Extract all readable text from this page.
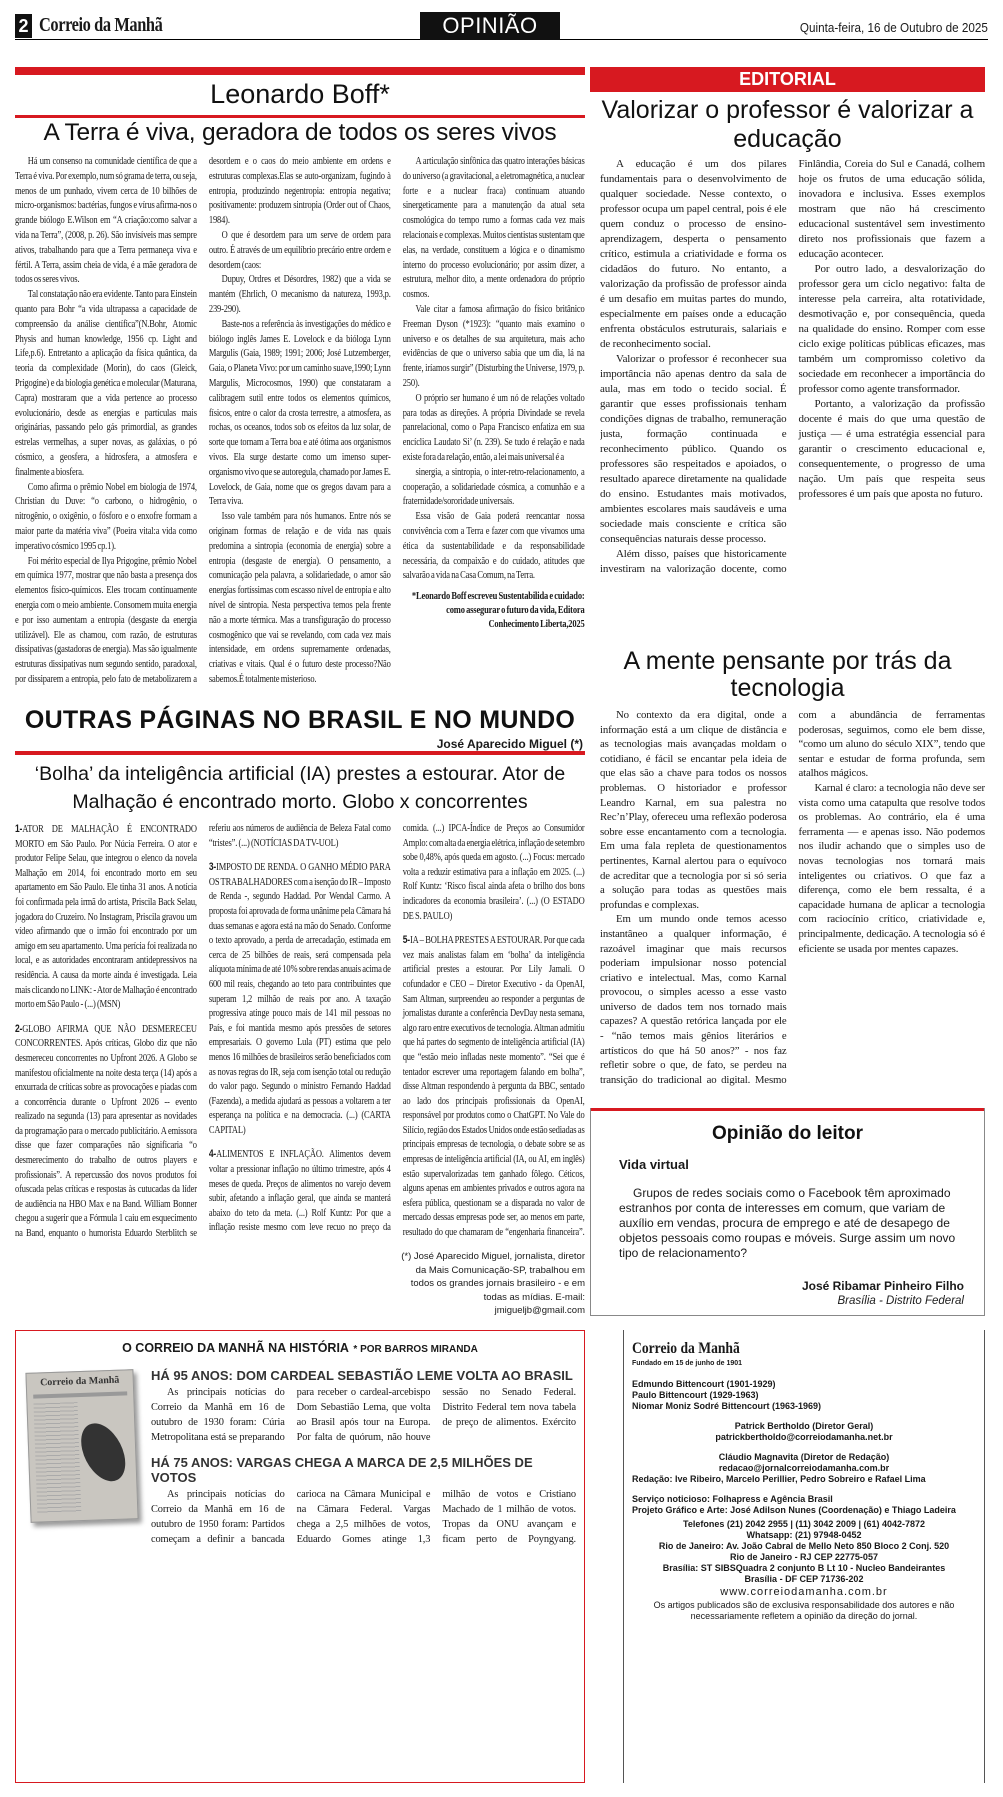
2 Correio da Manhã	OPINIÃO	Quinta-feira, 16 de Outubro de 2025
Leonardo Boff*
A Terra é viva, geradora de todos os seres vivos

Há um consenso na comunidade científica de que a Terra é viva. Por exemplo, num só grama de terra, ou seja, menos de um punhado, vivem cerca de 10 bilhões de micro-organismos: bactérias, fungos e vírus afirma-nos o grande biólogo E.Wilson em “A criação:como salvar a vida na Terra”, (2008, p. 26). São invisíveis mas sempre ativos, trabalhando para que a Terra permaneça viva e fértil. A Terra, assim cheia de vida, é a mãe geradora de todos os seres vivos.

Tal constatação não era evidente. Tanto para Einstein quanto para Bohr “a vida ultrapassa a capacidade de compreensão da análise científica”(N.Bohr, Atomic Physis and human knowledge, 1956 cp. Light and Life,p.6). Entretanto a aplicação da física quântica, da teoria da complexidade (Morin), do caos (Gleick, Prigogine) e da biologia genética e molecular (Maturana, Capra) mostraram que a vida pertence ao processo evolucionário, desde as energias e partículas mais originárias, passando pelo gás primordial, as grandes estrelas vermelhas, a super novas, as galáxias, o pó cósmico, a geosfera, a hidrosfera, a atmosfera e finalmente a biosfera.

Como afirma o prêmio Nobel em biologia de 1974, Christian du Duve: “o carbono, o hidrogênio, o nitrogênio, o oxigênio, o fósforo e o enxofre formam a maior parte da matéria viva” (Poeira vital:a vida como imperativo cósmico 1995 cp.1).

Foi mérito especial de Ilya Prigogine, prêmio Nobel em química 1977, mostrar que não basta a presença dos elementos físico-químicos. Eles trocam continuamente energia com o meio ambiente. Consomem muita energia e por isso aumentam a entropia (desgaste da energia utilizável). Ele as chamou, com razão, de estruturas dissipativas (gastadoras de energia). Mas são igualmente estruturas dissipativas num segundo sentido, paradoxal, por dissiparem a entropia, pelo fato de metabolizarem a desordem e o caos do meio ambiente em ordens e estruturas complexas.Elas se auto-organizam, fugindo à entropia, produzindo negentropia: entropia negativa; positivamente: produzem sintropia (Order out of Chaos, 1984).

O que é desordem para um serve de ordem para outro. É através de um equilíbrio precário entre ordem e desordem (caos:

Dupuy, Ordres et Désordres, 1982) que a vida se mantém (Ehrlich, O mecanismo da natureza, 1993,p. 239-290).

Baste-nos a referência às investigações do médico e biólogo inglês James E. Lovelock e da bióloga Lynn Margulis (Gaia, 1989; 1991; 2006; José Lutzemberger, Gaia, o Planeta Vivo: por um caminho suave,1990; Lynn Margulis, Microcosmos, 1990) que constataram a calibragem sutil entre todos os elementos químicos, físicos, entre o calor da crosta terrestre, a atmosfera, as rochas, os oceanos, todos sob os efeitos da luz solar, de sorte que tornam a Terra boa e até ótima aos organismos vivos. Ela surge destarte como um imenso super-organismo vivo que se autoregula, chamado por James E. Lovelock, de Gaia, nome que os gregos davam para a Terra viva.

Isso vale também para nós humanos. Entre nós se originam formas de relação e de vida nas quais predomina a sintropia (economia de energia) sobre a entropia (desgaste de energia). O pensamento, a comunicação pela palavra, a solidariedade, o amor são energias fortíssimas com escasso nível de entropia e alto nível de sintropia. Nesta perspectiva temos pela frente não a morte térmica. Mas a transfiguração do processo cosmogênico que vai se revelando, com cada vez mais intensidade, em ordens supremamente ordenadas, criativas e vitais. Qual é o futuro deste processo?Não sabemos.É totalmente misterioso.

A articulação sinfônica das quatro interações básicas do universo (a gravitacional, a eletromagnética, a nuclear forte e a nuclear fraca) continuam atuando sinergeticamente para a manutenção da atual seta cosmológica do tempo rumo a formas cada vez mais relacionais e complexas. Muitos cientistas sustentam que elas, na verdade, constituem a lógica e o dinamismo interno do processo evolucionário; por assim dizer, a estrutura, melhor dito, a mente ordenadora do próprio cosmos.

Vale citar a famosa afirmação do físico britânico Freeman Dyson (*1923): “quanto mais examino o universo e os detalhes de sua arquitetura, mais acho evidências de que o universo sabia que um dia, lá na frente, iríamos surgir” (Disturbing the Universe, 1979, p. 250).

O próprio ser humano é um nó de relações voltado para todas as direções. A própria Divindade se revela panrelacional, como o Papa Francisco enfatiza em sua encíclica Laudato Si’ (n. 239). Se tudo é relação e nada existe fora da relação, então, a lei mais universal é a

sinergia, a sintropia, o inter-retro-relacionamento, a cooperação, a solidariedade cósmica, a comunhão e a fraternidade/sororidade universais.

Essa visão de Gaia poderá reencantar nossa convivência com a Terra e fazer com que vivamos uma ética da sustentabilidade e da responsabilidade necessária, da compaixão e do cuidado, atitudes que salvarão a vida na Casa Comum, na Terra.

*Leonardo Boff escreveu Sustentabilida e cuidado: como assegurar o futuro da vida, Editora Conhecimento Liberta,2025

EDITORIAL
Valorizar o professor é valorizar a educação

A educação é um dos pilares fundamentais para o desenvolvimento de qualquer sociedade. Nesse contexto, o professor ocupa um papel central, pois é ele quem conduz o processo de ensino-aprendizagem, desperta o pensamento crítico, estimula a criatividade e forma os cidadãos do futuro. No entanto, a valorização da profissão de professor ainda é um desafio em muitas partes do mundo, especialmente em países onde a educação enfrenta obstáculos estruturais, salariais e de reconhecimento social.

Valorizar o professor é reconhecer sua importância não apenas dentro da sala de aula, mas em todo o tecido social. É garantir que esses profissionais tenham condições dignas de trabalho, remuneração justa, formação continuada e reconhecimento público. Quando os professores são respeitados e apoiados, o resultado aparece diretamente na qualidade do ensino. Estudantes mais motivados, ambientes escolares mais saudáveis e uma sociedade mais consciente e crítica são consequências naturais desse processo.

Além disso, países que historicamente investiram na valorização docente, como Finlândia, Coreia do Sul e Canadá, colhem hoje os frutos de uma educação sólida, inovadora e inclusiva. Esses exemplos mostram que não há crescimento educacional sustentável sem investimento direto nos profissionais que fazem a educação acontecer.

Por outro lado, a desvalorização do professor gera um ciclo negativo: falta de interesse pela carreira, alta rotatividade, desmotivação e, por consequência, queda na qualidade do ensino. Romper com esse ciclo exige políticas públicas eficazes, mas também um compromisso coletivo da sociedade em reconhecer a importância do professor como agente transformador.

Portanto, a valorização da profissão docente é mais do que uma questão de justiça — é uma estratégia essencial para garantir o crescimento educacional e, consequentemente, o progresso de uma nação. Um país que respeita seus professores é um país que aposta no futuro.

A mente pensante por trás da tecnologia

No contexto da era digital, onde a informação está a um clique de distância e as tecnologias mais avançadas moldam o cotidiano, é fácil se encantar pela ideia de que elas são a chave para todos os nossos problemas. O historiador e professor Leandro Karnal, em sua palestra no Rec’n’Play, ofereceu uma reflexão poderosa sobre esse encantamento com a tecnologia. Em uma fala repleta de questionamentos pertinentes, Karnal alertou para o equívoco de acreditar que a tecnologia por si só seria a solução para todas as questões mais profundas e complexas.

Em um mundo onde temos acesso instantâneo a qualquer informação, é razoável imaginar que mais recursos poderiam impulsionar nosso potencial criativo e intelectual. Mas, como Karnal provocou, o simples acesso a esse vasto universo de dados tem nos tornado mais capazes? A questão retórica lançada por ele - “não temos mais gênios literários e artísticos do que há 50 anos?” - nos faz refletir sobre o que, de fato, se perdeu na transição do tradicional ao digital. Mesmo com a abundância de ferramentas poderosas, seguimos, como ele bem disse, “como um aluno do século XIX”, tendo que sentar e estudar de forma profunda, sem atalhos mágicos.

Karnal é claro: a tecnologia não deve ser vista como uma catapulta que resolve todos os problemas. Ao contrário, ela é uma ferramenta — e apenas isso. Não podemos nos iludir achando que o simples uso de novas tecnologias nos tornará mais inteligentes ou criativos. O que faz a diferença, como ele bem ressalta, é a capacidade humana de aplicar a tecnologia com raciocínio crítico, criatividade e, principalmente, dedicação. A tecnologia só é eficiente se usada por mentes capazes.

OUTRAS PÁGINAS NO BRASIL E NO MUNDO
José Aparecido Miguel (*)
‘Bolha’ da inteligência artificial (IA) prestes a estourar. Ator de Malhação é encontrado morto. Globo x concorrentes

1-ATOR DE MALHAÇÃO É ENCONTRADO MORTO em São Paulo. Por Núcia Ferreira. O ator e produtor Felipe Selau, que integrou o elenco da novela Malhação em 2014, foi encontrado morto em seu apartamento em São Paulo. Ele tinha 31 anos. A notícia foi confirmada pela irmã do artista, Priscila Back Selau, jogadora do Cruzeiro. No Instagram, Priscila gravou um vídeo afirmando que o irmão foi encontrado por um amigo em seu apartamento. Uma perícia foi realizada no local, e as autoridades encontraram antidepressivos na residência. A causa da morte ainda é investigada. Leia mais clicando no LINK: - Ator de Malhação é encontrado morto em São Paulo - (...) (MSN)

2-GLOBO AFIRMA QUE NÃO DESMERECEU CONCORRENTES. Após críticas, Globo diz que não desmereceu concorrentes no Upfront 2026. A Globo se manifestou oficialmente na noite desta terça (14) após a enxurrada de críticas sobre as provocações e piadas com a concorrência durante o Upfront 2026 -- evento realizado na segunda (13) para apresentar as novidades da programação para o mercado publicitário. A emissora disse que fazer comparações não significaria “o desmerecimento do trabalho de outros players e profissionais”. A repercussão dos novos produtos foi ofuscada pelas críticas e respostas às cutucadas da líder de audiência na HBO Max e na Band. William Bonner chegou a sugerir que a Fórmula 1 caiu em esquecimento na Band, enquanto o humorista Eduardo Sterblitch se referiu aos números de audiência de Beleza Fatal como “tristes”. (...) (NOTÍCIAS DA TV-UOL)

3-IMPOSTO DE RENDA. O GANHO MÉDIO PARA OS TRABALHADORES com a isenção do IR – Imposto de Renda -, segundo Haddad. Por Wendal Carmo. A proposta foi aprovada de forma unânime pela Câmara há duas semanas e agora está na mão do Senado. Conforme o texto aprovado, a perda de arrecadação, estimada em cerca de 25 bilhões de reais, será compensada pela alíquota mínima de até 10% sobre rendas anuais acima de 600 mil reais, chegando ao teto para contribuintes que superam 1,2 milhão de reais por ano. A taxação progressiva atinge pouco mais de 141 mil pessoas no País, e foi mantida mesmo após pressões de setores empresariais. O governo Lula (PT) estima que pelo menos 16 milhões de brasileiros serão beneficiados com as novas regras do IR, seja com isenção total ou redução do valor pago. Segundo o ministro Fernando Haddad (Fazenda), a medida ajudará as pessoas a voltarem a ter esperança na política e na democracia. (...) (CARTA CAPITAL)

4-ALIMENTOS E INFLAÇÃO. Alimentos devem voltar a pressionar inflação no último trimestre, após 4 meses de queda. Preços de alimentos no varejo devem subir, afetando a inflação geral, que ainda se manterá abaixo do teto da meta. (...) Rolf Kuntz: Por que a inflação resiste mesmo com leve recuo no preço da comida. (...) IPCA-Índice de Preços ao Consumidor Amplo: com alta da energia elétrica, inflação de setembro sobe 0,48%, após queda em agosto. (...) Focus: mercado volta a reduzir estimativa para a inflação em 2025. (...) Rolf Kuntz: ‘Risco fiscal ainda afeta o brilho dos bons indicadores da economia brasileira’. (...) (O ESTADO DE S. PAULO)

5-IA – BOLHA PRESTES A ESTOURAR. Por que cada vez mais analistas falam em ‘bolha’ da inteligência artificial prestes a estourar. Por Lily Jamali. O cofundador e CEO – Diretor Executivo - da OpenAI, Sam Altman, surpreendeu ao responder a perguntas de jornalistas durante a conferência DevDay nesta semana, algo raro entre executivos de tecnologia. Altman admitiu que há partes do segmento de inteligência artificial (IA) que “estão meio infladas neste momento”. “Sei que é tentador escrever uma reportagem falando em bolha”, disse Altman respondendo à pergunta da BBC, sentado ao lado dos principais profissionais da OpenAI, responsável por produtos como o ChatGPT. No Vale do Silício, região dos Estados Unidos onde estão sediadas as principais empresas de tecnologia, o debate sobre se as empresas de inteligência artificial (IA, ou AI, em inglês) estão supervalorizadas tem ganhado fôlego. Céticos, alguns apenas em ambientes privados e outros agora na esfera pública, questionam se a disparada no valor de mercado dessas empresas pode ser, ao menos em parte, resultado do que chamaram de “engenharia financeira”.

(*) José Aparecido Miguel, jornalista, diretor da Mais Comunicação-SP, trabalhou em todos os grandes jornais brasileiro - e em todas as mídias. E-mail: jmigueljb@gmail.com
Opinião do leitor
Vida virtual
Grupos de redes sociais como o Facebook têm aproximado estranhos por conta de interesses em comum, que variam de auxílio em vendas, procura de emprego e até de desapego de objetos pessoais como roupas e móveis. Surge assim um novo tipo de relacionamento?
José Ribamar Pinheiro Filho
Brasília - Distrito Federal
O CORREIO DA MANHÃ NA HISTÓRIA * POR BARROS MIRANDA
Correio da Manhã	HÁ 95 ANOS: DOM CARDEAL SEBASTIÃO LEME VOLTA AO BRASIL

As principais notícias do Correio da Manhã em 16 de outubro de 1930 foram: Cúria Metropolitana está se preparando para receber o cardeal-arcebispo Dom Sebastião Lema, que volta ao Brasil após tour na Europa. Por falta de quórum, não houve sessão no Senado Federal. Distrito Federal tem nova tabela de preço de alimentos. Exército

HÁ 75 ANOS: VARGAS CHEGA A MARCA DE 2,5 MILHÕES DE VOTOS

As principais notícias do Correio da Manhã em 16 de outubro de 1950 foram: Partidos começam a definir a bancada carioca na Câmara Municipal e na Câmara Federal. Vargas chega a 2,5 milhões de votos, Eduardo Gomes atinge 1,3 milhão de votos e Cristiano Machado de 1 milhão de votos. Tropas da ONU avançam e ficam perto de Poyngyang.

Correio da Manhã
Fundado em 15 de junho de 1901
Edmundo Bittencourt (1901-1929)
Paulo Bittencourt (1929-1963)
Niomar Moniz Sodré Bittencourt (1963-1969)
Patrick Bertholdo (Diretor Geral)
patrickbertholdo@correiodamanha.net.br
Cláudio Magnavita (Diretor de Redação)
redacao@jornalcorreiodamanha.com.br
Redação: Ive Ribeiro, Marcelo Perillier, Pedro Sobreiro e Rafael Lima
Serviço noticioso: Folhapress e Agência Brasil
Projeto Gráfico e Arte: José Adilson Nunes (Coordenação) e Thiago Ladeira
Telefones (21) 2042 2955 | (11) 3042 2009 | (61) 4042-7872
Whatsapp: (21) 97948-0452
Rio de Janeiro: Av. João Cabral de Mello Neto 850 Bloco 2 Conj. 520
Rio de Janeiro - RJ CEP 22775-057
Brasília: ST SIBSQuadra 2 conjunto B Lt 10 - Nucleo Bandeirantes
Brasília - DF CEP 71736-202
www.correiodamanha.com.br
Os artigos publicados são de exclusiva responsabilidade dos autores e não necessariamente refletem a opinião da direção do jornal.
